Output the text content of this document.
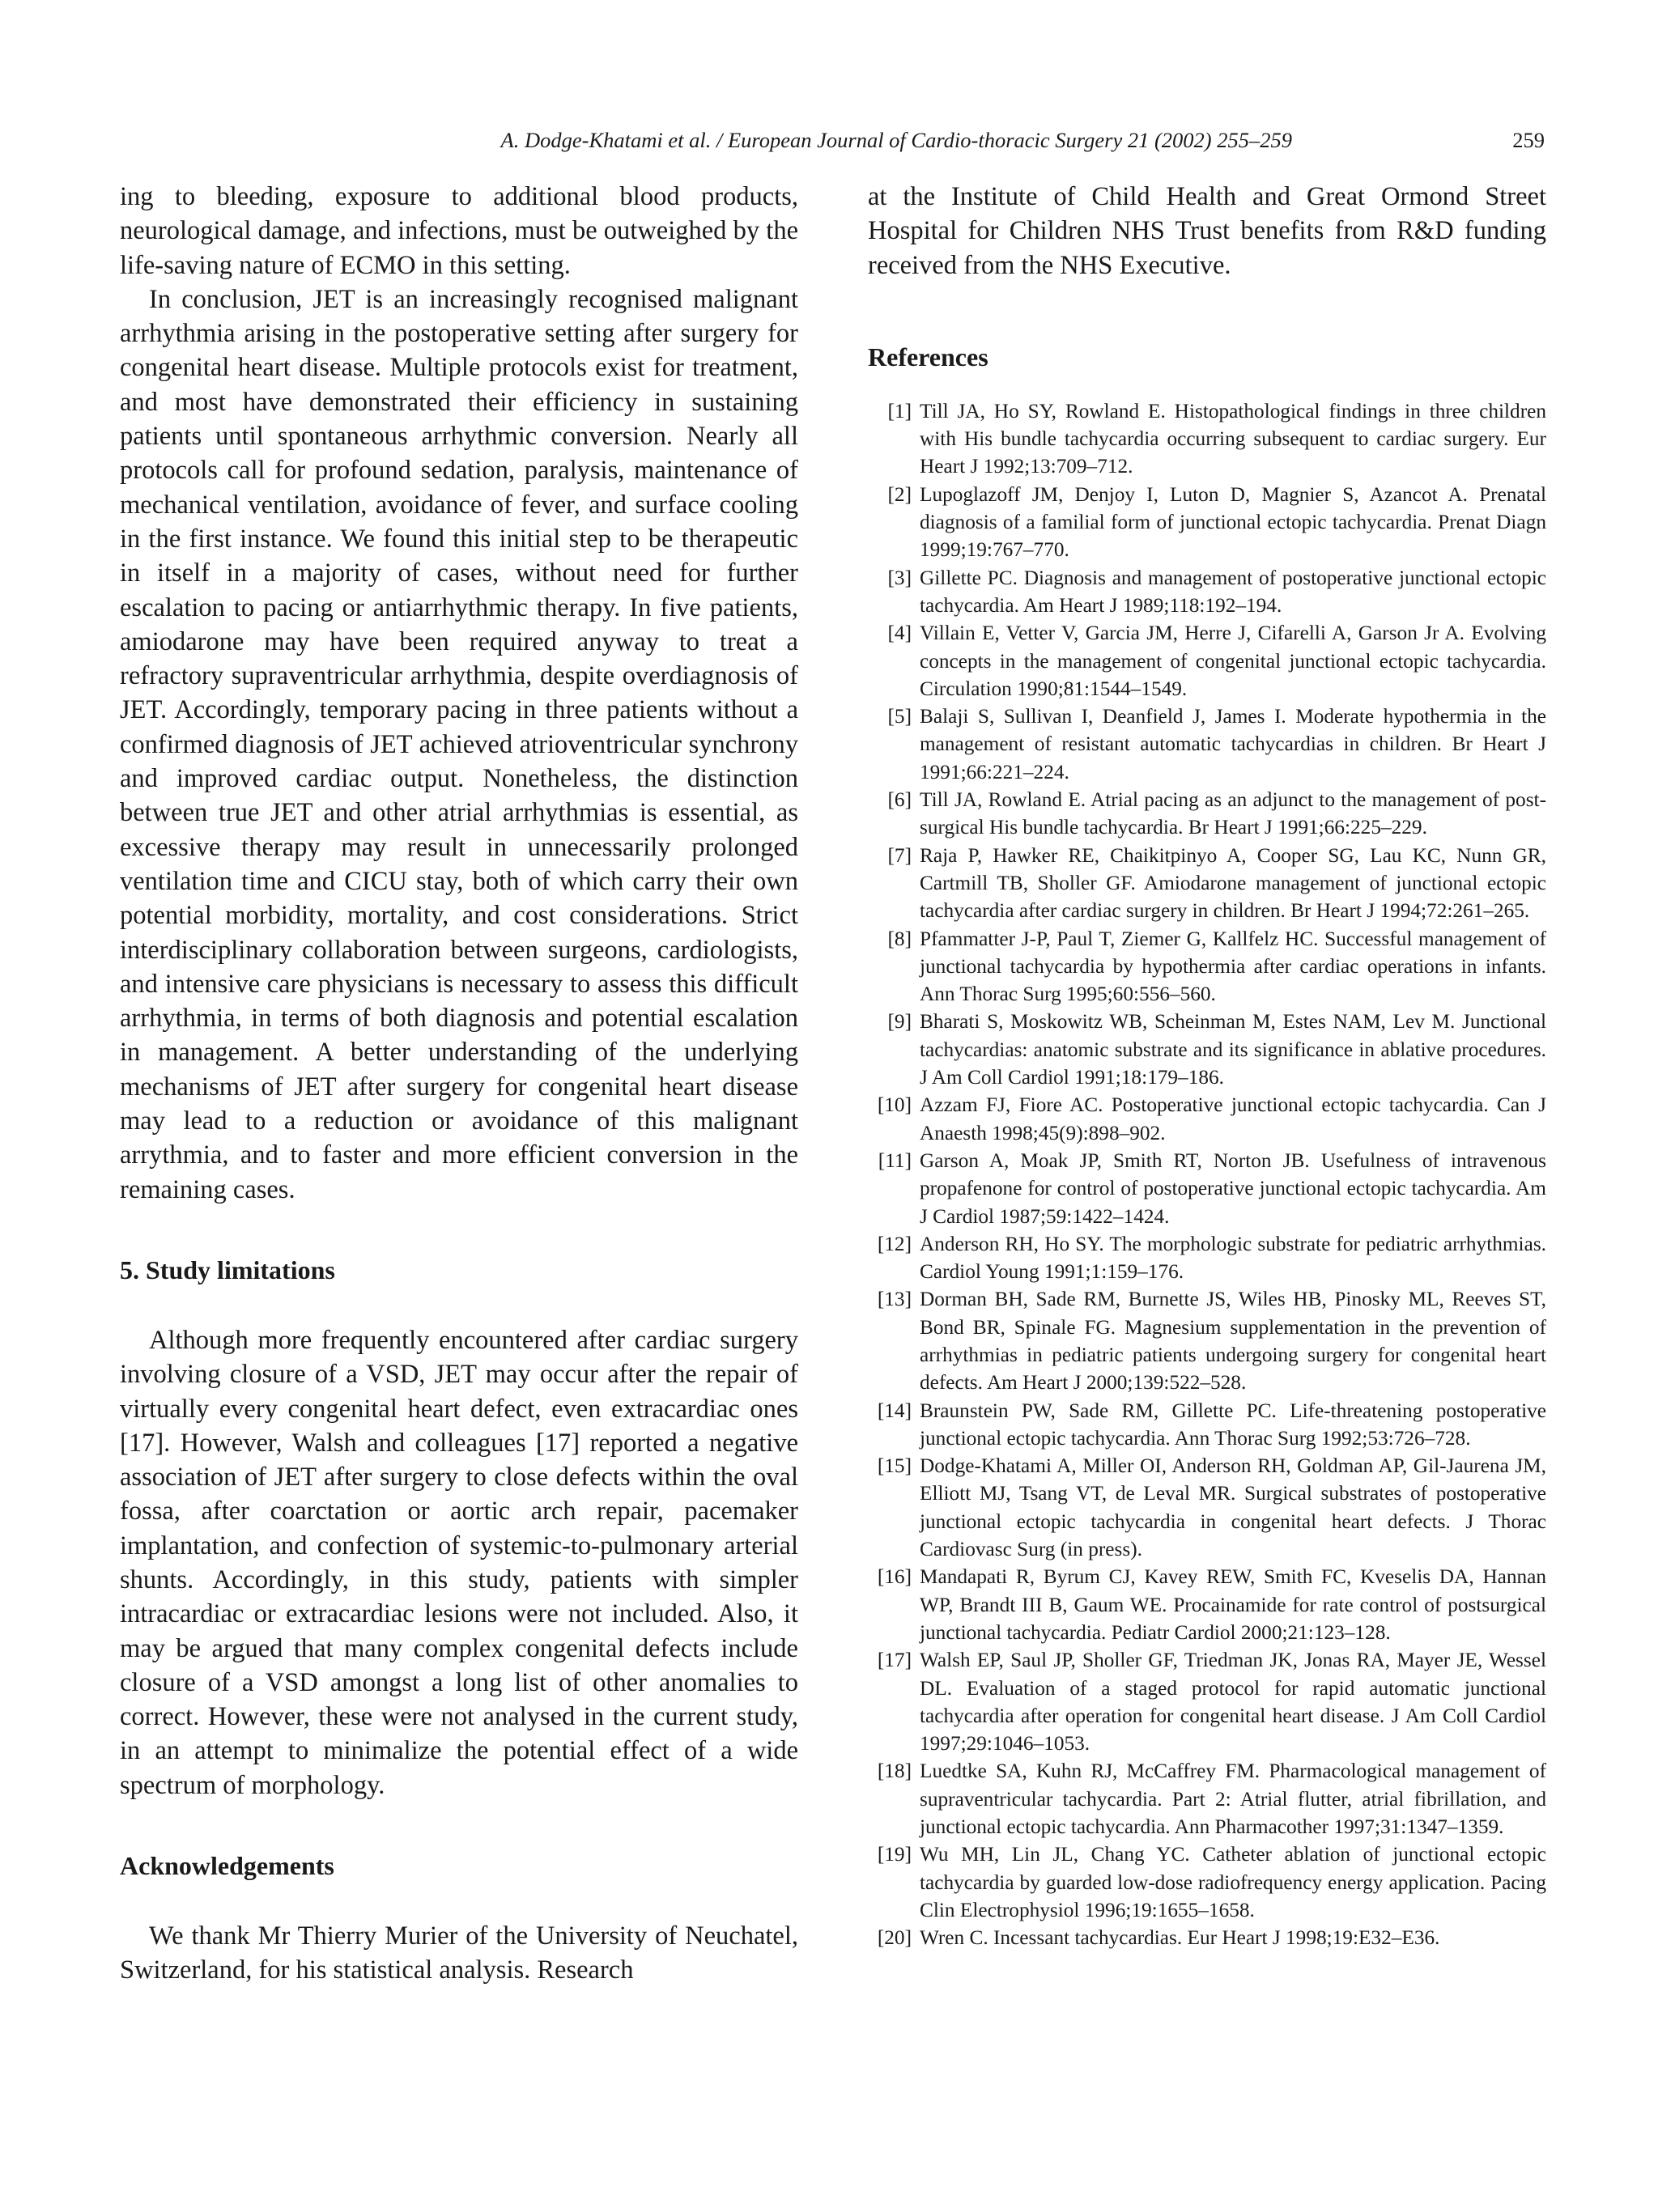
A. Dodge-Khatami et al. / European Journal of Cardio-thoracic Surgery 21 (2002) 255–259	259

ing to bleeding, exposure to additional blood products, neurological damage, and infections, must be outweighed by the life-saving nature of ECMO in this setting.

In conclusion, JET is an increasingly recognised malignant arrhythmia arising in the postoperative setting after surgery for congenital heart disease. Multiple protocols exist for treatment, and most have demonstrated their efficiency in sustaining patients until spontaneous arrhythmic conversion. Nearly all protocols call for profound sedation, paralysis, maintenance of mechanical ventilation, avoidance of fever, and surface cooling in the first instance. We found this initial step to be therapeutic in itself in a majority of cases, without need for further escalation to pacing or antiarrhythmic therapy. In five patients, amiodarone may have been required anyway to treat a refractory supraventricular arrhythmia, despite overdiagnosis of JET. Accordingly, temporary pacing in three patients without a confirmed diagnosis of JET achieved atrioventricular synchrony and improved cardiac output. Nonetheless, the distinction between true JET and other atrial arrhythmias is essential, as excessive therapy may result in unnecessarily prolonged ventilation time and CICU stay, both of which carry their own potential morbidity, mortality, and cost considerations. Strict interdisciplinary collaboration between surgeons, cardiologists, and intensive care physicians is necessary to assess this difficult arrhythmia, in terms of both diagnosis and potential escalation in management. A better understanding of the underlying mechanisms of JET after surgery for congenital heart disease may lead to a reduction or avoidance of this malignant arrythmia, and to faster and more efficient conversion in the remaining cases.

5. Study limitations

Although more frequently encountered after cardiac surgery involving closure of a VSD, JET may occur after the repair of virtually every congenital heart defect, even extracardiac ones [17]. However, Walsh and colleagues [17] reported a negative association of JET after surgery to close defects within the oval fossa, after coarctation or aortic arch repair, pacemaker implantation, and confection of systemic-to-pulmonary arterial shunts. Accordingly, in this study, patients with simpler intracardiac or extracardiac lesions were not included. Also, it may be argued that many complex congenital defects include closure of a VSD amongst a long list of other anomalies to correct. However, these were not analysed in the current study, in an attempt to minimalize the potential effect of a wide spectrum of morphology.

Acknowledgements

We thank Mr Thierry Murier of the University of Neuchatel, Switzerland, for his statistical analysis. Research

at the Institute of Child Health and Great Ormond Street Hospital for Children NHS Trust benefits from R&D funding received from the NHS Executive.

References
[1] Till JA, Ho SY, Rowland E. Histopathological findings in three children with His bundle tachycardia occurring subsequent to cardiac surgery. Eur Heart J 1992;13:709–712.
[2] Lupoglazoff JM, Denjoy I, Luton D, Magnier S, Azancot A. Prenatal diagnosis of a familial form of junctional ectopic tachycardia. Prenat Diagn 1999;19:767–770.
[3] Gillette PC. Diagnosis and management of postoperative junctional ectopic tachycardia. Am Heart J 1989;118:192–194.
[4] Villain E, Vetter V, Garcia JM, Herre J, Cifarelli A, Garson Jr A. Evolving concepts in the management of congenital junctional ectopic tachycardia. Circulation 1990;81:1544–1549.
[5] Balaji S, Sullivan I, Deanfield J, James I. Moderate hypothermia in the management of resistant automatic tachycardias in children. Br Heart J 1991;66:221–224.
[6] Till JA, Rowland E. Atrial pacing as an adjunct to the management of post-surgical His bundle tachycardia. Br Heart J 1991;66:225–229.
[7] Raja P, Hawker RE, Chaikitpinyo A, Cooper SG, Lau KC, Nunn GR, Cartmill TB, Sholler GF. Amiodarone management of junctional ectopic tachycardia after cardiac surgery in children. Br Heart J 1994;72:261–265.
[8] Pfammatter J-P, Paul T, Ziemer G, Kallfelz HC. Successful management of junctional tachycardia by hypothermia after cardiac operations in infants. Ann Thorac Surg 1995;60:556–560.
[9] Bharati S, Moskowitz WB, Scheinman M, Estes NAM, Lev M. Junctional tachycardias: anatomic substrate and its significance in ablative procedures. J Am Coll Cardiol 1991;18:179–186.
[10] Azzam FJ, Fiore AC. Postoperative junctional ectopic tachycardia. Can J Anaesth 1998;45(9):898–902.
[11] Garson A, Moak JP, Smith RT, Norton JB. Usefulness of intravenous propafenone for control of postoperative junctional ectopic tachycardia. Am J Cardiol 1987;59:1422–1424.
[12] Anderson RH, Ho SY. The morphologic substrate for pediatric arrhythmias. Cardiol Young 1991;1:159–176.
[13] Dorman BH, Sade RM, Burnette JS, Wiles HB, Pinosky ML, Reeves ST, Bond BR, Spinale FG. Magnesium supplementation in the prevention of arrhythmias in pediatric patients undergoing surgery for congenital heart defects. Am Heart J 2000;139:522–528.
[14] Braunstein PW, Sade RM, Gillette PC. Life-threatening postoperative junctional ectopic tachycardia. Ann Thorac Surg 1992;53:726–728.
[15] Dodge-Khatami A, Miller OI, Anderson RH, Goldman AP, Gil-Jaurena JM, Elliott MJ, Tsang VT, de Leval MR. Surgical substrates of postoperative junctional ectopic tachycardia in congenital heart defects. J Thorac Cardiovasc Surg (in press).
[16] Mandapati R, Byrum CJ, Kavey REW, Smith FC, Kveselis DA, Hannan WP, Brandt III B, Gaum WE. Procainamide for rate control of postsurgical junctional tachycardia. Pediatr Cardiol 2000;21:123–128.
[17] Walsh EP, Saul JP, Sholler GF, Triedman JK, Jonas RA, Mayer JE, Wessel DL. Evaluation of a staged protocol for rapid automatic junctional tachycardia after operation for congenital heart disease. J Am Coll Cardiol 1997;29:1046–1053.
[18] Luedtke SA, Kuhn RJ, McCaffrey FM. Pharmacological management of supraventricular tachycardia. Part 2: Atrial flutter, atrial fibrillation, and junctional ectopic tachycardia. Ann Pharmacother 1997;31:1347–1359.
[19] Wu MH, Lin JL, Chang YC. Catheter ablation of junctional ectopic tachycardia by guarded low-dose radiofrequency energy application. Pacing Clin Electrophysiol 1996;19:1655–1658.
[20] Wren C. Incessant tachycardias. Eur Heart J 1998;19:E32–E36.
